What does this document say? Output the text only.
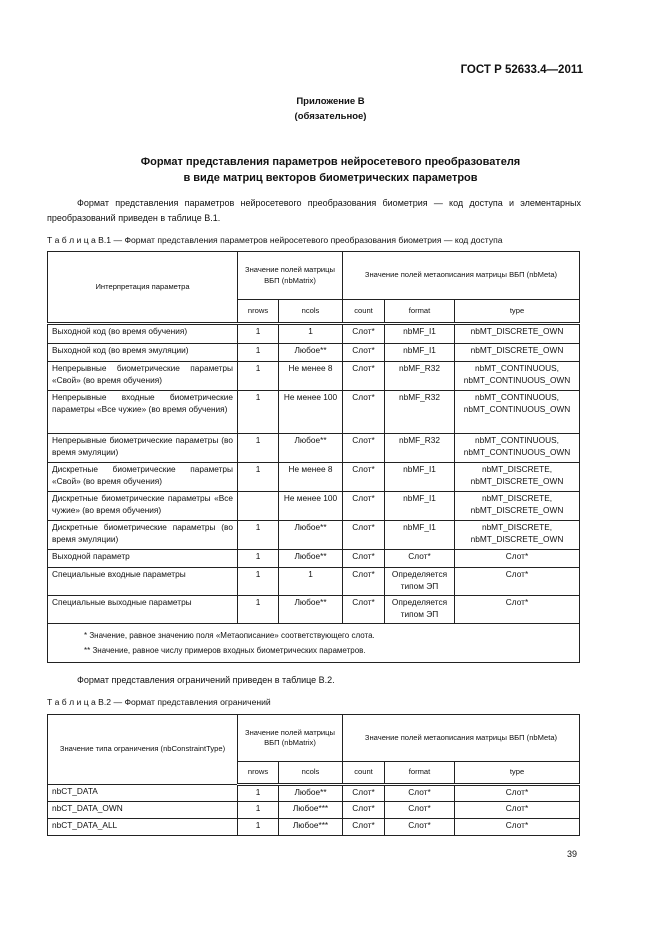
ГОСТ Р 52633.4—2011
Приложение В
(обязательное)
Формат представления параметров нейросетевого преобразователя
в виде матриц векторов биометрических параметров
Формат представления параметров нейросетевого преобразования биометрия — код доступа и элементарных преобразований приведен в таблице В.1.
Т а б л и ц а В.1 — Формат представления параметров нейросетевого преобразования биометрия — код доступа
Интерпретация параметра	Значение полей матрицы ВБП (nbMatrix)		Значение полей метаописания матрицы ВБП (nbMeta)		
	nrows	ncols	count	format	type
Выходной код (во время обучения)	1	1	Слот*	nbMF_I1	nbMT_DISCRETE_OWN
Выходной код (во время эмуляции)	1	Любое**	Слот*	nbMF_I1	nbMT_DISCRETE_OWN
Непрерывные биометрические параметры «Свой» (во время обучения)	1	Не менее 8	Слот*	nbMF_R32	nbMT_CONTINUOUS, nbMT_CONTINUOUS_OWN
Непрерывные входные биометрические параметры «Все чужие» (во время обучения)	1	Не менее 100	Слот*	nbMF_R32	nbMT_CONTINUOUS, nbMT_CONTINUOUS_OWN
Непрерывные биометрические параметры (во время эмуляции)	1	Любое**	Слот*	nbMF_R32	nbMT_CONTINUOUS, nbMT_CONTINUOUS_OWN
Дискретные биометрические параметры «Свой» (во время обучения)	1	Не менее 8	Слот*	nbMF_I1	nbMT_DISCRETE, nbMT_DISCRETE_OWN
Дискретные биометрические параметры «Все чужие» (во время обучения)		Не менее 100	Слот*	nbMF_I1	nbMT_DISCRETE, nbMT_DISCRETE_OWN
Дискретные биометрические параметры (во время эмуляции)	1	Любое**	Слот*	nbMF_I1	nbMT_DISCRETE, nbMT_DISCRETE_OWN
Выходной параметр	1	Любое**	Слот*	Слот*	Слот*
Специальные входные параметры	1	1	Слот*	Определяется типом ЭП	Слот*
Специальные выходные параметры	1	Любое**	Слот*	Определяется типом ЭП	Слот*

* Значение, равное значению поля «Метаописание» соответствующего слота.
** Значение, равное числу примеров входных биометрических параметров.					
Формат представления ограничений приведен в таблице В.2.
Т а б л и ц а В.2 — Формат представления ограничений
Значение типа ограничения (nbConstraintType)	Значение полей матрицы ВБП (nbMatrix)		Значение полей метаописания матрицы ВБП (nbMeta)		
	nrows	ncols	count	format	type
nbCT_DATA	1	Любое**	Слот*	Слот*	Слот*
nbCT_DATA_OWN	1	Любое***	Слот*	Слот*	Слот*
nbCT_DATA_ALL	1	Любое***	Слот*	Слот*	Слот*
39
